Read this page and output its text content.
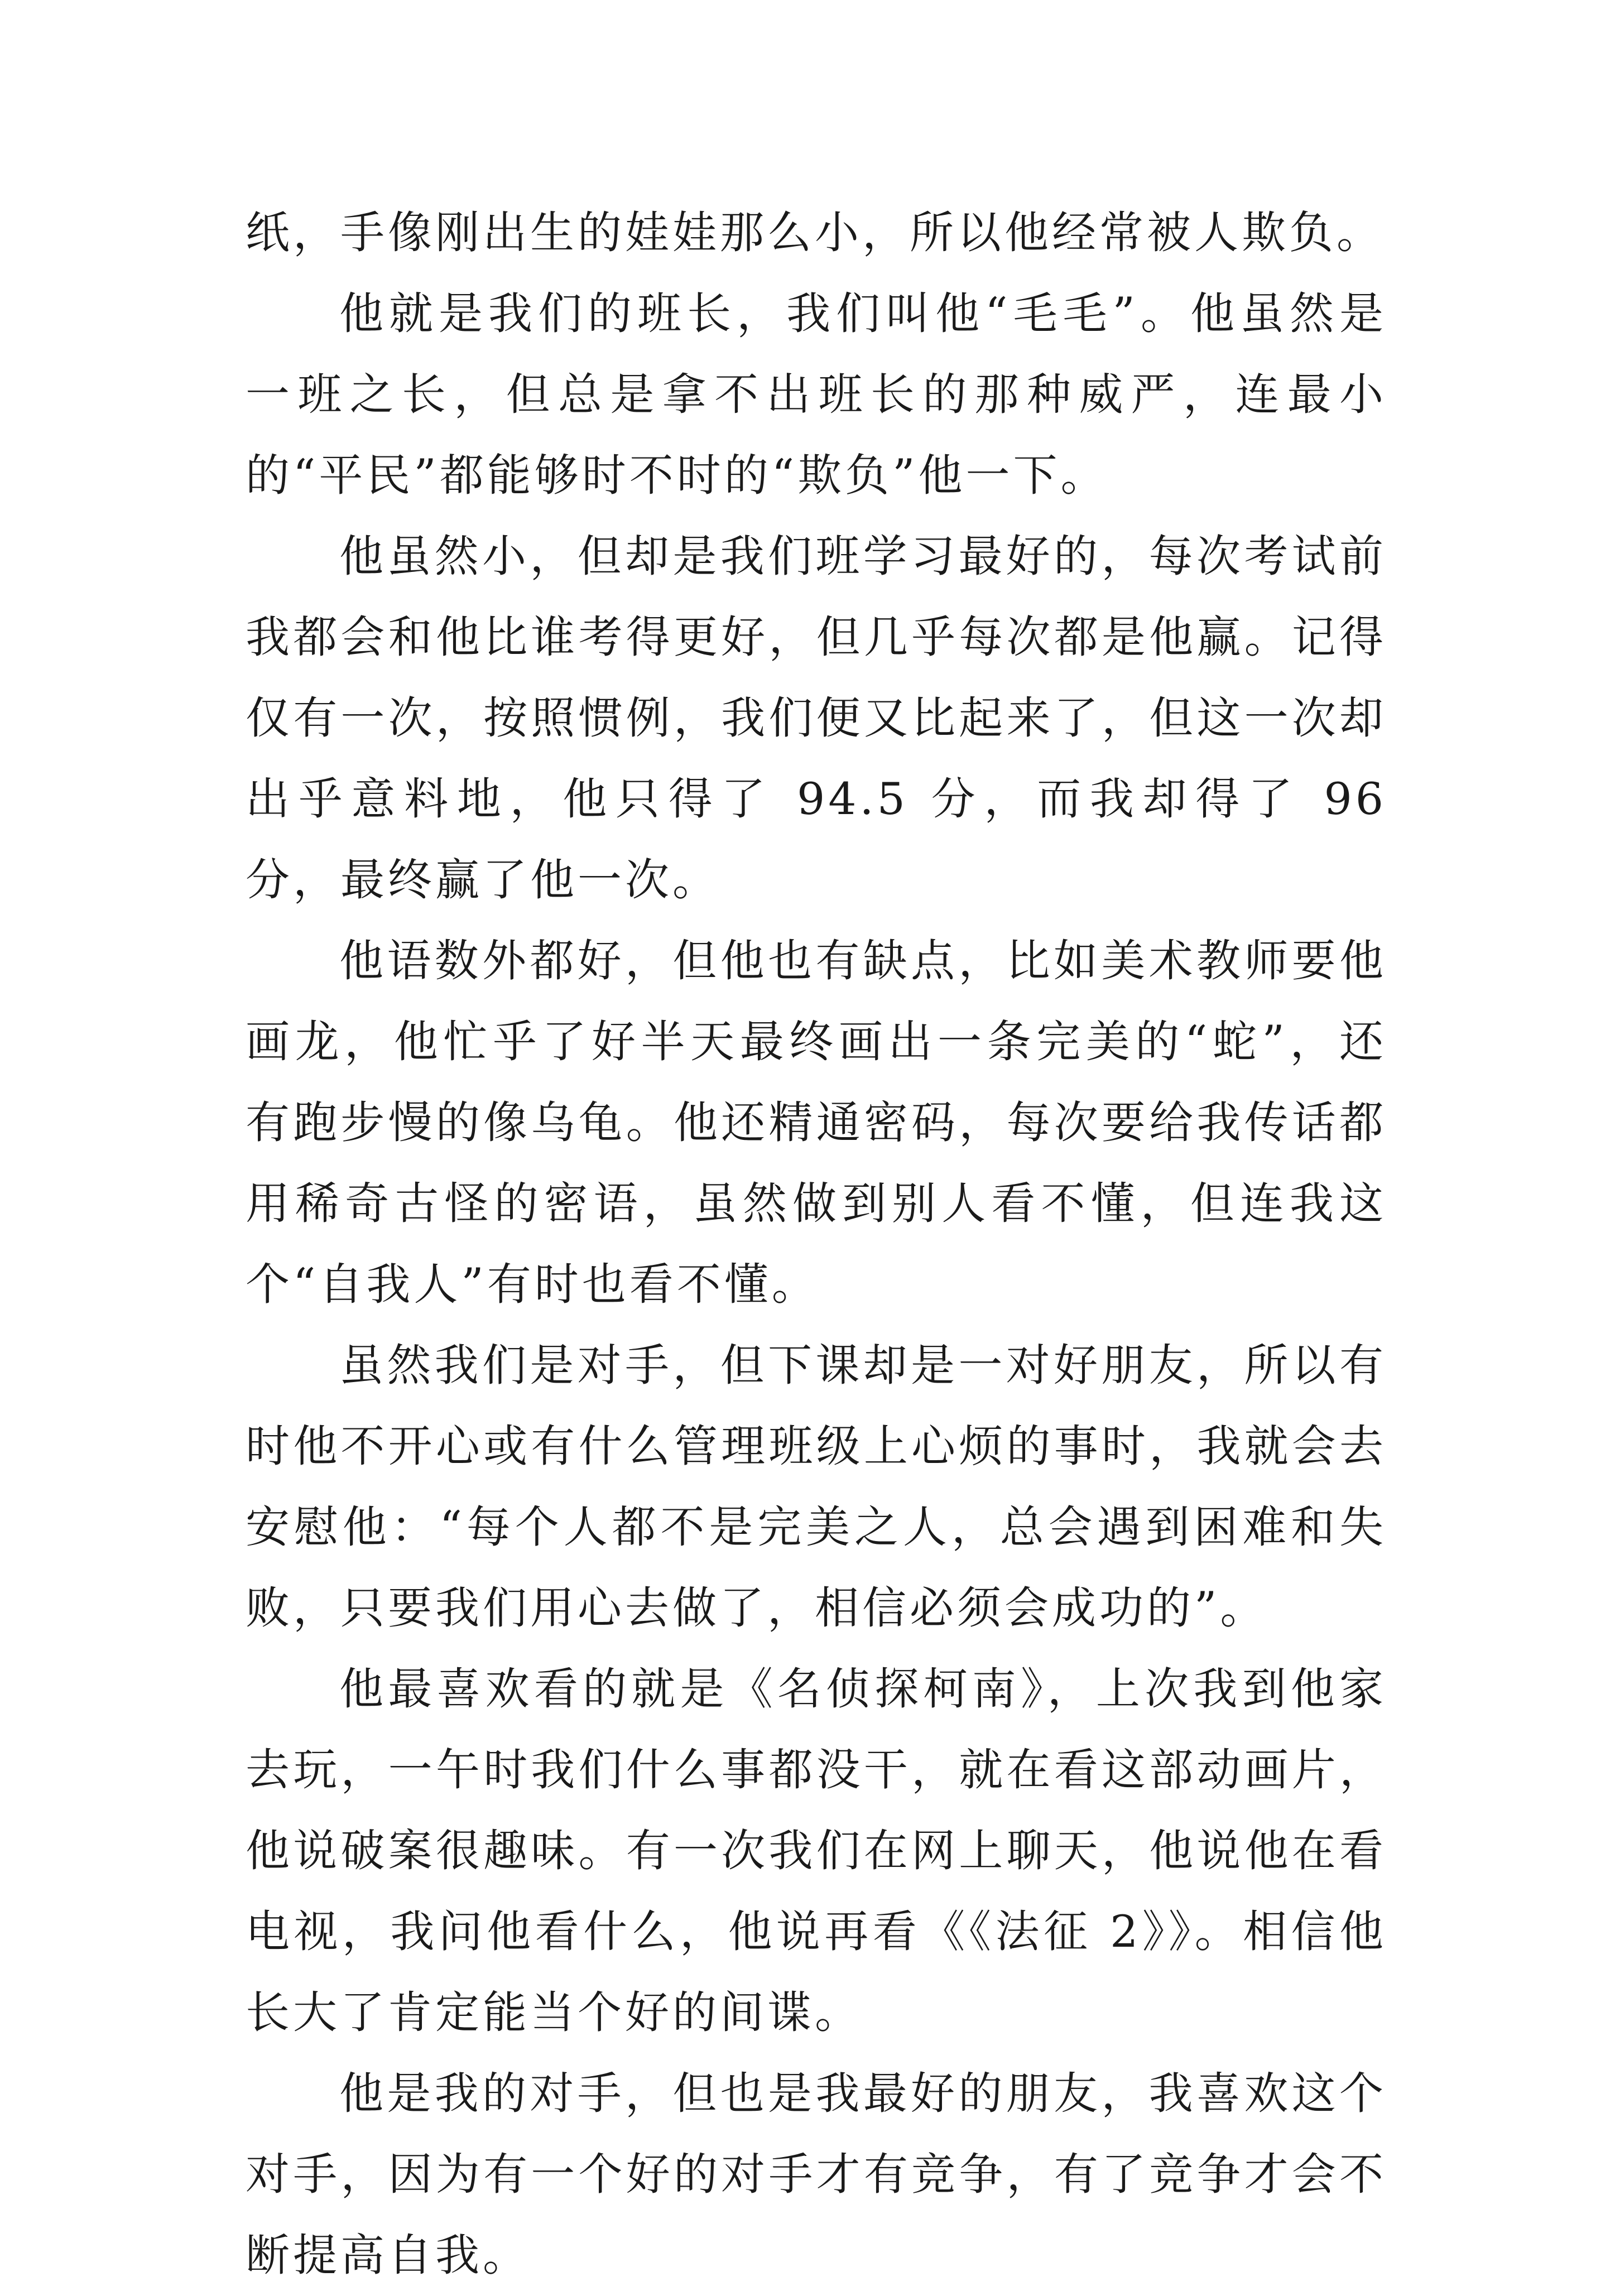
纸，手像刚出生的娃娃那么小，所以他经常被人欺负。

他就是我们的班长，我们叫他“毛毛”。他虽然是一班之长，但总是拿不出班长的那种威严，连最小的“平民”都能够时不时的“欺负”他一下。

他虽然小，但却是我们班学习最好的，每次考试前我都会和他比谁考得更好，但几乎每次都是他赢。记得仅有一次，按照惯例，我们便又比起来了，但这一次却出乎意料地，他只得了 94.5 分，而我却得了 96 分，最终赢了他一次。

他语数外都好，但他也有缺点，比如美术教师要他画龙，他忙乎了好半天最终画出一条完美的“蛇”，还有跑步慢的像乌龟。他还精通密码，每次要给我传话都用稀奇古怪的密语，虽然做到别人看不懂，但连我这个“自我人”有时也看不懂。

虽然我们是对手，但下课却是一对好朋友，所以有时他不开心或有什么管理班级上心烦的事时，我就会去安慰他：“每个人都不是完美之人，总会遇到困难和失败，只要我们用心去做了，相信必须会成功的”。

他最喜欢看的就是《名侦探柯南》，上次我到他家去玩，一午时我们什么事都没干，就在看这部动画片，他说破案很趣味。有一次我们在网上聊天，他说他在看电视，我问他看什么，他说再看《《法征 2》》。相信他长大了肯定能当个好的间谍。

他是我的对手，但也是我最好的朋友，我喜欢这个对手，因为有一个好的对手才有竞争，有了竞争才会不断提高自我。
